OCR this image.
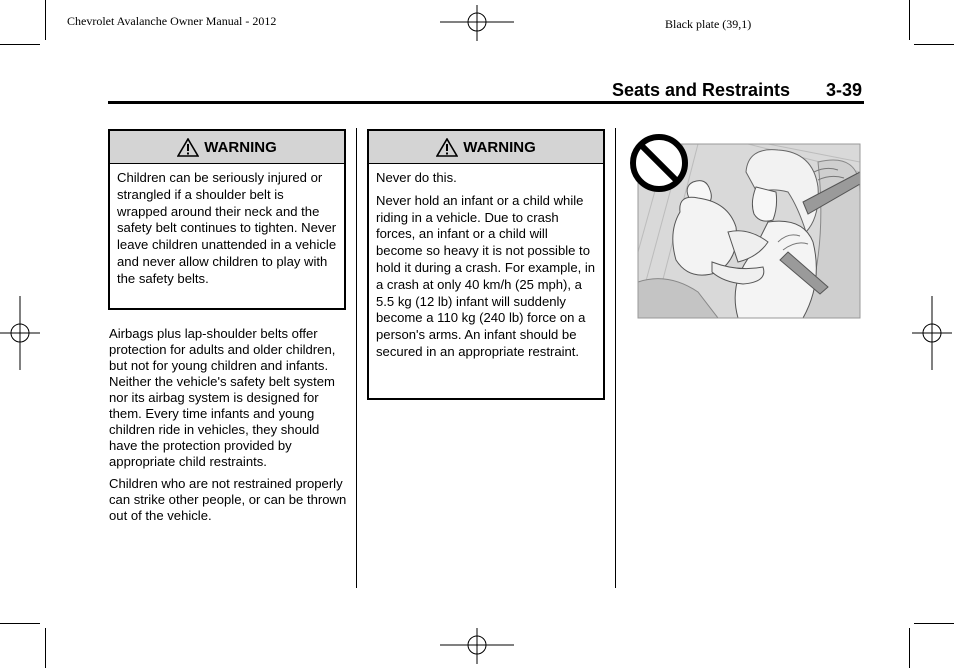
Chevrolet Avalanche Owner Manual - 2012	Black plate (39,1)
Seats and Restraints 3-39
WARNING

Children can be seriously injured or strangled if a shoulder belt is wrapped around their neck and the safety belt continues to tighten. Never leave children unattended in a vehicle and never allow children to play with the safety belts.

Airbags plus lap-shoulder belts offer protection for adults and older children, but not for young children and infants. Neither the vehicle's safety belt system nor its airbag system is designed for them. Every time infants and young children ride in vehicles, they should have the protection provided by appropriate child restraints.

Children who are not restrained properly can strike other people, or can be thrown out of the vehicle.

WARNING

Never do this.

Never hold an infant or a child while riding in a vehicle. Due to crash forces, an infant or a child will become so heavy it is not possible to hold it during a crash. For example, in a crash at only 40 km/h (25 mph), a 5.5 kg (12 lb) infant will suddenly become a 110 kg (240 lb) force on a person's arms. An infant should be secured in an appropriate restraint.
